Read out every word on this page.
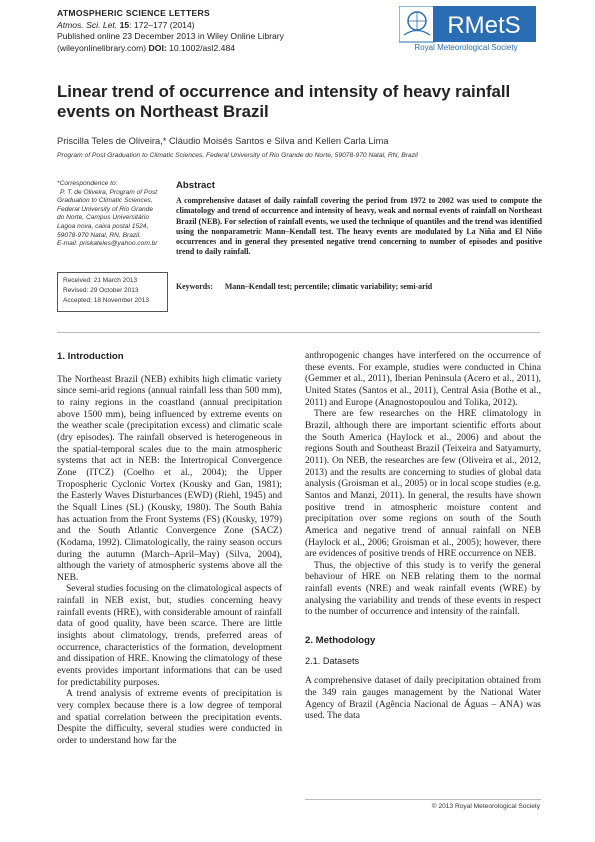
ATMOSPHERIC SCIENCE LETTERS
Atmos. Sci. Let. 15: 172–177 (2014)
Published online 23 December 2013 in Wiley Online Library
(wileyonlinelibrary.com) DOI: 10.1002/asl2.484
RMetS
Royal Meteorological Society
Linear trend of occurrence and intensity of heavy rainfall events on Northeast Brazil
Priscilla Teles de Oliveira,* Cláudio Moisés Santos e Silva and Kellen Carla Lima
Program of Post Graduation to Climatic Sciences, Federal University of Rio Grande do Norte, 59078-970 Natal, RN, Brazil
*Correspondence to:
P. T. de Oliveira, Program of Post
Graduation to Climatic Sciences,
Federal University of Rio Grande
do Norte, Campus Universitário
Lagoa nova, caixa postal 1524,
59078-970 Natal, RN, Brazil.
E-mail: priskateles@yahoo.com.br
Received: 21 March 2013
Revised: 29 October 2013
Accepted: 18 November 2013
Abstract
A comprehensive dataset of daily rainfall covering the period from 1972 to 2002 was used to compute the climatology and trend of occurrence and intensity of heavy, weak and normal events of rainfall on Northeast Brazil (NEB). For selection of rainfall events, we used the technique of quantiles and the trend was identified using the nonparametric Mann–Kendall test. The heavy events are modulated by La Niña and El Niño occurrences and in general they presented negative trend concerning to number of episodes and positive trend to daily rainfall.
Keywords: Mann–Kendall test; percentile; climatic variability; semi-arid
1. Introduction

The Northeast Brazil (NEB) exhibits high climatic variety since semi-arid regions (annual rainfall less than 500 mm), to rainy regions in the coastland (annual precipitation above 1500 mm), being influenced by extreme events on the weather scale (precipitation excess) and climatic scale (dry episodes). The rainfall observed is heterogeneous in the spatial-temporal scales due to the main atmospheric systems that act in NEB: the Intertropical Convergence Zone (ITCZ) (Coelho et al., 2004); the Upper Tropospheric Cyclonic Vortex (Kousky and Gan, 1981); the Easterly Waves Disturbances (EWD) (Riehl, 1945) and the Squall Lines (SL) (Kousky, 1980). The South Bahia has actuation from the Front Systems (FS) (Kousky, 1979) and the South Atlantic Convergence Zone (SACZ) (Kodama, 1992). Climatologically, the rainy season occurs during the autumn (March–April–May) (Silva, 2004), although the variety of atmospheric systems above all the NEB.

Several studies focusing on the climatological aspects of rainfall in NEB exist, but, studies concerning heavy rainfall events (HRE), with considerable amount of rainfall data of good quality, have been scarce. There are little insights about climatology, trends, preferred areas of occurrence, characteristics of the formation, development and dissipation of HRE. Knowing the climatology of these events provides important informations that can be used for predictability purposes.

A trend analysis of extreme events of precipitation is very complex because there is a low degree of temporal and spatial correlation between the precipitation events. Despite the difficulty, several studies were conducted in order to understand how far the

anthropogenic changes have interfered on the occurrence of these events. For example, studies were conducted in China (Gemmer et al., 2011), Iberian Peninsula (Acero et al., 2011), United States (Santos et al., 2011), Central Asia (Bothe et al., 2011) and Europe (Anagnostopoulou and Tolika, 2012).

There are few researches on the HRE climatology in Brazil, although there are important scientific efforts about the South America (Haylock et al., 2006) and about the regions South and Southeast Brazil (Teixeira and Satyamurty, 2011). On NEB, the researches are few (Oliveira et al., 2012, 2013) and the results are concerning to studies of global data analysis (Groisman et al., 2005) or in local scope studies (e.g. Santos and Manzi, 2011). In general, the results have shown positive trend in atmospheric moisture content and precipitation over some regions on south of the South America and negative trend of annual rainfall on NEB (Haylock et al., 2006; Groisman et al., 2005); however, there are evidences of positive trends of HRE occurrence on NEB.

Thus, the objective of this study is to verify the general behaviour of HRE on NEB relating them to the normal rainfall events (NRE) and weak rainfall events (WRE) by analysing the variability and trends of these events in respect to the number of occurrence and intensity of the rainfall.

2. Methodology
2.1. Datasets

A comprehensive dataset of daily precipitation obtained from the 349 rain gauges management by the National Water Agency of Brazil (Agência Nacional de Águas – ANA) was used. The data

© 2013 Royal Meteorological Society
